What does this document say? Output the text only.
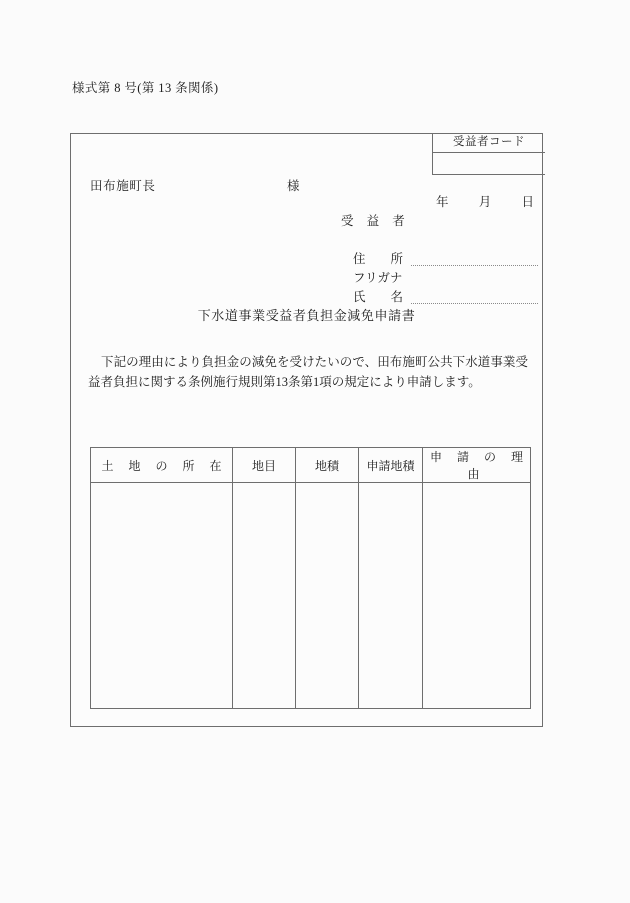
様式第 8 号(第 13 条関係)
受益者コード
田布施町長	様
年 月 日
受 益 者
住　　所
フリガナ
氏　　名
下水道事業受益者負担金減免申請書
下記の理由により負担金の減免を受けたいので、田布施町公共下水道事業受益者負担に関する条例施行規則第13条第1項の規定により申請します。
土 地 の 所 在	地目	地積	申請地積	申 請 の 理 由
